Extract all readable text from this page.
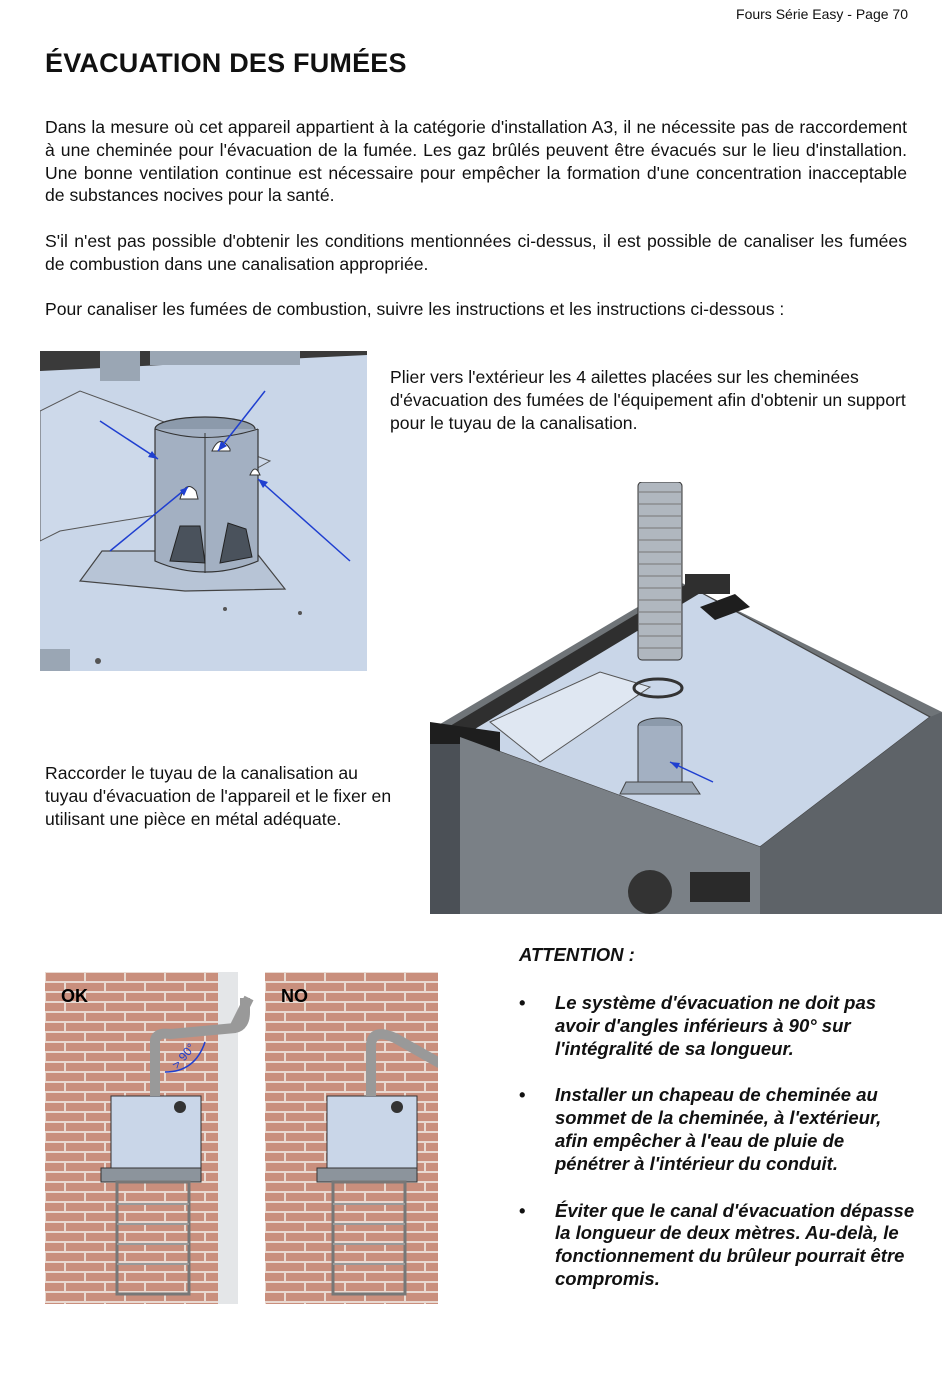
Fours Série Easy - Page 70
ÉVACUATION DES FUMÉES

Dans la mesure où cet appareil appartient à la catégorie d'installation A3, il ne nécessite pas de raccordement à une cheminée pour l'évacuation de la fumée. Les gaz brûlés peuvent être évacués sur le lieu d'installation. Une bonne ventilation continue est nécessaire pour empêcher la formation d'une concentration inacceptable de substances nocives pour la santé.

S'il n'est pas possible d'obtenir les conditions mentionnées ci-dessus, il est possible de canaliser les fumées de combustion dans une canalisation appropriée.

Pour canaliser les fumées de combustion, suivre les instructions et les instructions ci-dessous :

Plier vers l'extérieur les 4 ailettes placées sur les cheminées d'évacuation des fumées de l'équipement afin d'obtenir un support pour le tuyau de la canalisation.

Raccorder le tuyau de la canalisation au tuyau d'évacuation de l'appareil et le fixer en utilisant une pièce en métal adéquate.

OK
> 90°
NO
ATTENTION :
• Le système d'évacuation ne doit pas avoir d'angles inférieurs à 90° sur l'intégralité de sa longueur.
• Installer un chapeau de cheminée au sommet de la cheminée, à l'extérieur, afin empêcher à l'eau de pluie de pénétrer à l'intérieur du conduit.
• Éviter que le canal d'évacuation dépasse la longueur de deux mètres. Au-delà, le fonctionnement du brûleur pourrait être compromis.
